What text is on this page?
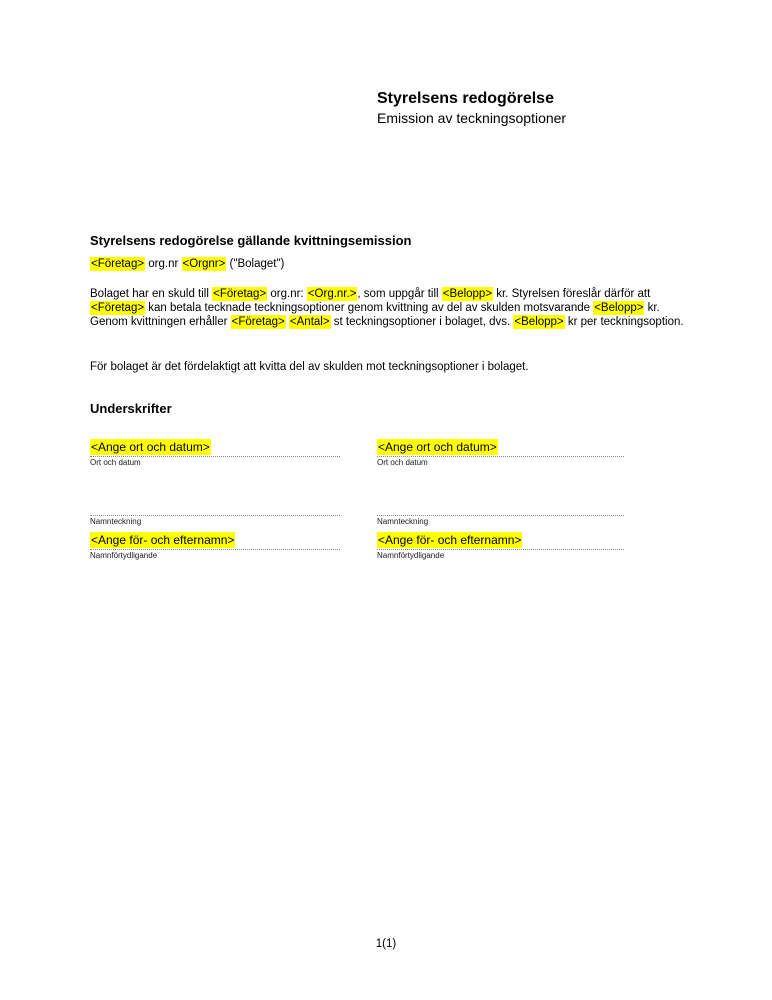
Styrelsens redogörelse
Emission av teckningsoptioner
Styrelsens redogörelse gällande kvittningsemission
<Företag> org.nr <Orgnr> ("Bolaget")
Bolaget har en skuld till <Företag> org.nr: <Org.nr.>, som uppgår till <Belopp> kr. Styrelsen föreslår därför att <Företag> kan betala tecknade teckningsoptioner genom kvittning av del av skulden motsvarande <Belopp> kr. Genom kvittningen erhåller <Företag> <Antal> st teckningsoptioner i bolaget, dvs. <Belopp> kr per teckningsoption.
För bolaget är det fördelaktigt att kvitta del av skulden mot teckningsoptioner i bolaget.
Underskrifter
<Ange ort och datum>
Ort och datum
<Ange ort och datum>
Ort och datum
Namnteckning
<Ange för- och efternamn>
Namnförtydligande
Namnteckning
<Ange för- och efternamn>
Namnförtydligande
1(1)
